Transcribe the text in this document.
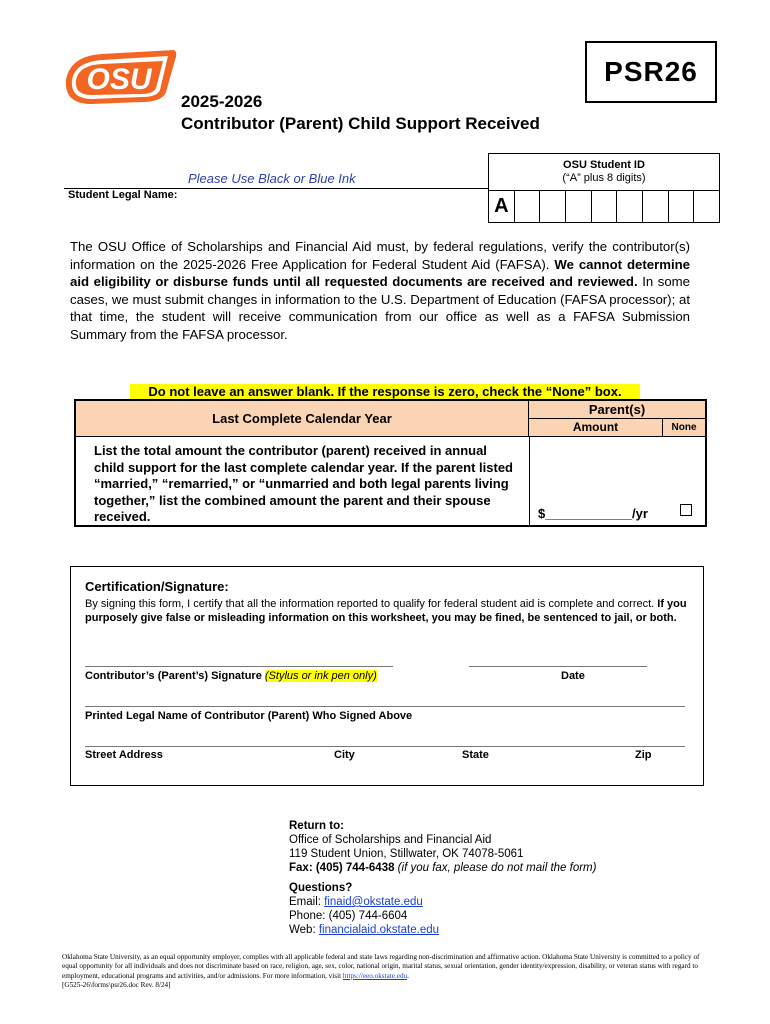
OSU	PSR26
2025-2026
Contributor (Parent) Child Support Received
Please Use Black or Blue Ink
OSU Student ID
(“A” plus 8 digits)
A
Student Legal Name:
The OSU Office of Scholarships and Financial Aid must, by federal regulations, verify the contributor(s) information on the 2025-2026 Free Application for Federal Student Aid (FAFSA). We cannot determine aid eligibility or disburse funds until all requested documents are received and reviewed. In some cases, we must submit changes in information to the U.S. Department of Education (FAFSA processor); at that time, the student will receive communication from our office as well as a FAFSA Submission Summary from the FAFSA processor.
Do not leave an answer blank. If the response is zero, check the “None” box.
Last Complete Calendar Year
Parent(s)
Amount	None
List the total amount the contributor (parent) received in annual child support for the last complete calendar year. If the parent listed “married,” “remarried,” or “unmarried and both legal parents living together,” list the combined amount the parent and their spouse received.	$____________/yr
Certification/Signature:
By signing this form, I certify that all the information reported to qualify for federal student aid is complete and correct. If you purposely give false or misleading information on this worksheet, you may be fined, be sentenced to jail, or both.
Contributor’s (Parent’s) Signature (Stylus or ink pen only)	Date
Printed Legal Name of Contributor (Parent) Who Signed Above
Street Address	City	State	Zip
Return to:
Office of Scholarships and Financial Aid
119 Student Union, Stillwater, OK 74078-5061
Fax: (405) 744-6438 (if you fax, please do not mail the form)
Questions?
Email: finaid@okstate.edu
Phone: (405) 744-6604
Web: financialaid.okstate.edu
Oklahoma State University, as an equal opportunity employer, complies with all applicable federal and state laws regarding non-discrimination and affirmative action. Oklahoma State University is committed to a policy of equal opportunity for all individuals and does not discriminate based on race, religion, age, sex, color, national origin, marital status, sexual orientation, gender identity/expression, disability, or veteran status with regard to employment, educational programs and activities, and/or admissions. For more information, visit https://eeo.okstate.edu.
[G525-26\forms\psr26.doc Rev. 8/24]
